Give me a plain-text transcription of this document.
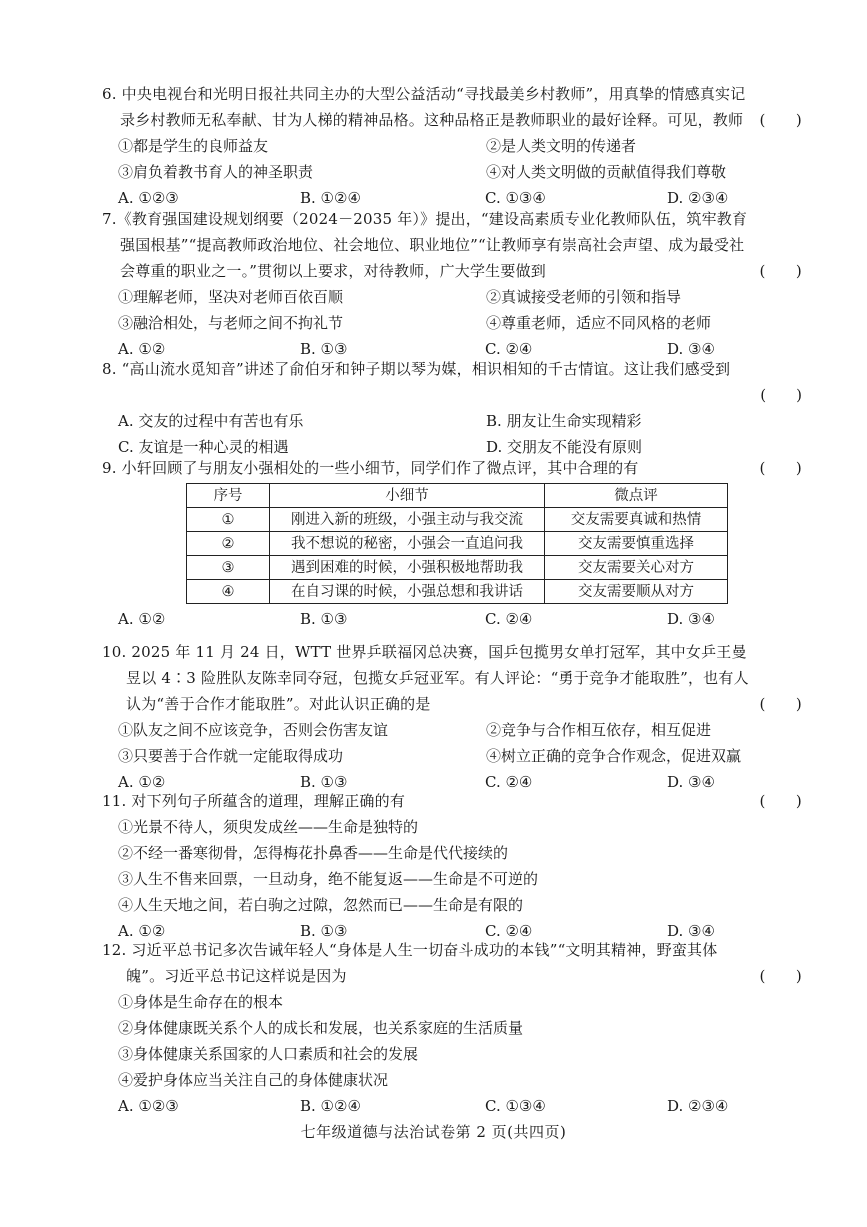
(　　)
6. 中央电视台和光明日报社共同主办的大型公益活动“寻找最美乡村教师”，用真挚的情感真实记录乡村教师无私奉献、甘为人梯的精神品格。这种品格正是教师职业的最好诠释。可见，教师

①都是学生的良师益友	②是人类文明的传递者
③肩负着教书育人的神圣职责	④对人类文明做的贡献值得我们尊敬
A. ①②③	B. ①②④	C. ①③④	D. ②③④

(　　)
7.《教育强国建设规划纲要（2024－2035 年）》提出，“建设高素质专业化教师队伍，筑牢教育强国根基”“提高教师政治地位、社会地位、职业地位”“让教师享有崇高社会声望、成为最受社会尊重的职业之一。”贯彻以上要求，对待教师，广大学生要做到

①理解老师，坚决对老师百依百顺	②真诚接受老师的引领和指导
③融洽相处，与老师之间不拘礼节	④尊重老师，适应不同风格的老师
A. ①②	B. ①③	C. ②④	D. ③④

8. “高山流水觅知音”讲述了俞伯牙和钟子期以琴为媒，相识相知的千古情谊。这让我们感受到

(　　)
A. 交友的过程中有苦也有乐	B. 朋友让生命实现精彩
C. 友谊是一种心灵的相遇	D. 交朋友不能没有原则

(　　)
9. 小轩回顾了与朋友小强相处的一些小细节，同学们作了微点评，其中合理的有

序号	小细节	微点评
①	刚进入新的班级，小强主动与我交流	交友需要真诚和热情
②	我不想说的秘密，小强会一直追问我	交友需要慎重选择
③	遇到困难的时候，小强积极地帮助我	交友需要关心对方
④	在自习课的时候，小强总想和我讲话	交友需要顺从对方
A. ①②	B. ①③	C. ②④	D. ③④

(　　)
10. 2025 年 11 月 24 日，WTT 世界乒联福冈总决赛，国乒包揽男女单打冠军，其中女乒王曼昱以 4∶3 险胜队友陈幸同夺冠，包揽女乒冠亚军。有人评论：“勇于竞争才能取胜”，也有人认为“善于合作才能取胜”。对此认识正确的是

①队友之间不应该竞争，否则会伤害友谊	②竞争与合作相互依存，相互促进
③只要善于合作就一定能取得成功	④树立正确的竞争合作观念，促进双赢
A. ①②	B. ①③	C. ②④	D. ③④

(　　)
11. 对下列句子所蕴含的道理，理解正确的有

①光景不待人，须臾发成丝——生命是独特的
②不经一番寒彻骨，怎得梅花扑鼻香——生命是代代接续的
③人生不售来回票，一旦动身，绝不能复返——生命是不可逆的
④人生天地之间，若白驹之过隙，忽然而已——生命是有限的
A. ①②	B. ①③	C. ②④	D. ③④

(　　)
12. 习近平总书记多次告诫年轻人“身体是人生一切奋斗成功的本钱”“文明其精神，野蛮其体魄”。习近平总书记这样说是因为

①身体是生命存在的根本
②身体健康既关系个人的成长和发展，也关系家庭的生活质量
③身体健康关系国家的人口素质和社会的发展
④爱护身体应当关注自己的身体健康状况
A. ①②③	B. ①②④	C. ①③④	D. ②③④
七年级道德与法治试卷第 2 页(共四页)
